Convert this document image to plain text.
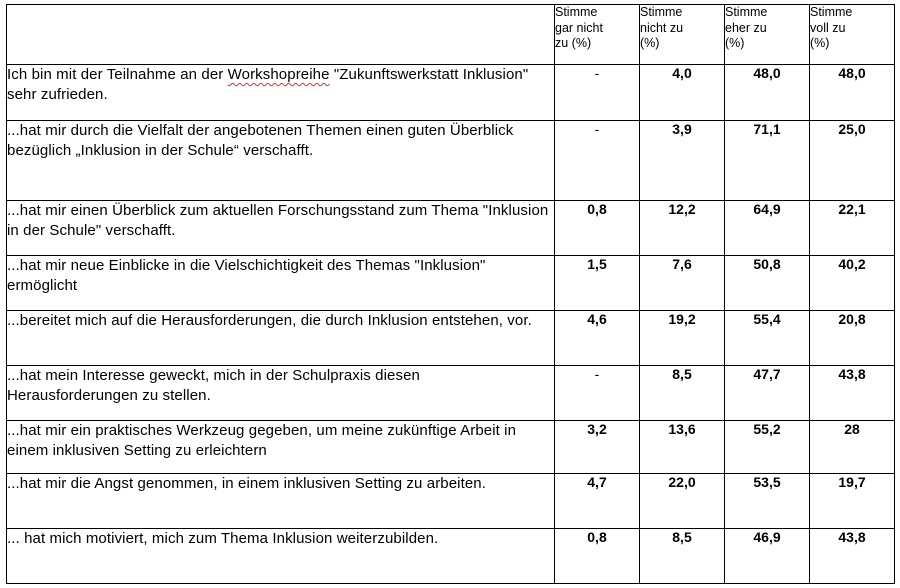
	Stimme
gar nicht
zu (%)	Stimme
nicht zu
(%)	Stimme
eher zu
(%)	Stimme
voll zu
(%)
Ich bin mit der Teilnahme an der Workshopreihe "Zukunftswerkstatt Inklusion" sehr zufrieden.	-	4,0	48,0	48,0
...hat mir durch die Vielfalt der angebotenen Themen einen guten Überblick bezüglich „Inklusion in der Schule“ verschafft.	-	3,9	71,1	25,0
...hat mir einen Überblick zum aktuellen Forschungsstand zum Thema "Inklusion in der Schule" verschafft.	0,8	12,2	64,9	22,1
...hat mir neue Einblicke in die Vielschichtigkeit des Themas "Inklusion" ermöglicht	1,5	7,6	50,8	40,2
...bereitet mich auf die Herausforderungen, die durch Inklusion entstehen, vor.	4,6	19,2	55,4	20,8
...hat mein Interesse geweckt, mich in der Schulpraxis diesen Herausforderungen zu stellen.	-	8,5	47,7	43,8
...hat mir ein praktisches Werkzeug gegeben, um meine zukünftige Arbeit in einem inklusiven Setting zu erleichtern	3,2	13,6	55,2	28
...hat mir die Angst genommen, in einem inklusiven Setting zu arbeiten.	4,7	22,0	53,5	19,7
... hat mich motiviert, mich zum Thema Inklusion weiterzubilden.	0,8	8,5	46,9	43,8
